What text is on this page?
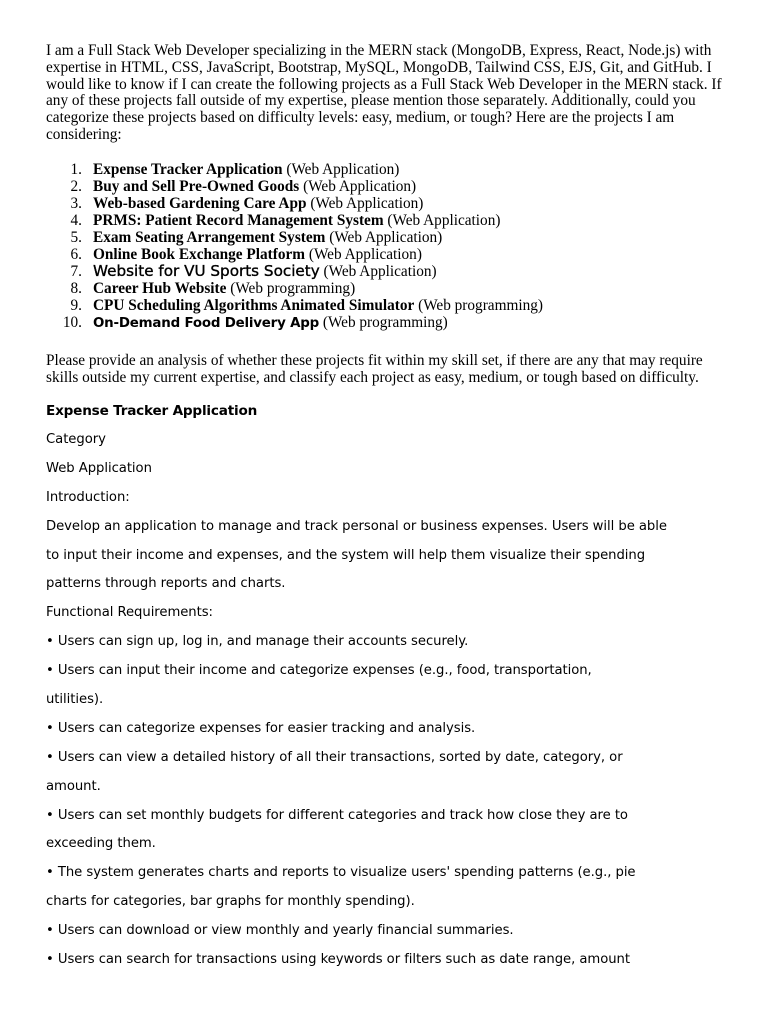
I am a Full Stack Web Developer specializing in the MERN stack (MongoDB, Express, React, Node.js) with expertise in HTML, CSS, JavaScript, Bootstrap, MySQL, MongoDB, Tailwind CSS, EJS, Git, and GitHub. I would like to know if I can create the following projects as a Full Stack Web Developer in the MERN stack. If any of these projects fall outside of my expertise, please mention those separately. Additionally, could you categorize these projects based on difficulty levels: easy, medium, or tough? Here are the projects I am considering:
1. Expense Tracker Application (Web Application)
2. Buy and Sell Pre-Owned Goods (Web Application)
3. Web-based Gardening Care App (Web Application)
4. PRMS: Patient Record Management System (Web Application)
5. Exam Seating Arrangement System (Web Application)
6. Online Book Exchange Platform (Web Application)
7. Website for VU Sports Society (Web Application)
8. Career Hub Website (Web programming)
9. CPU Scheduling Algorithms Animated Simulator (Web programming)
10. On-Demand Food Delivery App (Web programming)
Please provide an analysis of whether these projects fit within my skill set, if there are any that may require skills outside my current expertise, and classify each project as easy, medium, or tough based on difficulty.
Expense Tracker Application
Category
Web Application
Introduction:
Develop an application to manage and track personal or business expenses. Users will be able
to input their income and expenses, and the system will help them visualize their spending
patterns through reports and charts.
Functional Requirements:
• Users can sign up, log in, and manage their accounts securely.
• Users can input their income and categorize expenses (e.g., food, transportation,
utilities).
• Users can categorize expenses for easier tracking and analysis.
• Users can view a detailed history of all their transactions, sorted by date, category, or
amount.
• Users can set monthly budgets for different categories and track how close they are to
exceeding them.
• The system generates charts and reports to visualize users' spending patterns (e.g., pie
charts for categories, bar graphs for monthly spending).
• Users can download or view monthly and yearly financial summaries.
• Users can search for transactions using keywords or filters such as date range, amount
